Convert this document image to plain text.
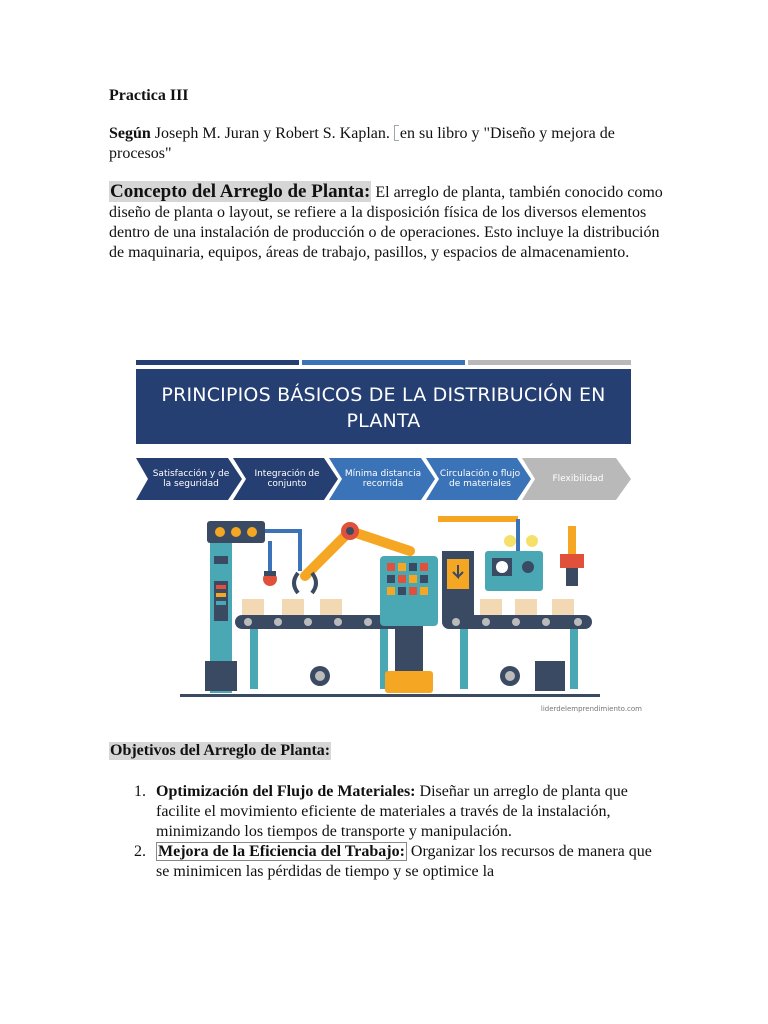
Practica III
Según Joseph M. Juran y Robert S. Kaplan. en su libro y "Diseño y mejora de procesos"
Concepto del Arreglo de Planta: El arreglo de planta, también conocido como diseño de planta o layout, se refiere a la disposición física de los diversos elementos dentro de una instalación de producción o de operaciones. Esto incluye la distribución de maquinaria, equipos, áreas de trabajo, pasillos, y espacios de almacenamiento.
PRINCIPIOS BÁSICOS DE LA DISTRIBUCIÓN EN
PLANTA
Satisfacción y de la seguridad
Integración de conjunto
Mínima distancia recorrida
Circulación o flujo de materiales	Flexibilidad
liderdelemprendimiento.com
Objetivos del Arreglo de Planta:
1. Optimización del Flujo de Materiales: Diseñar un arreglo de planta que facilite el movimiento eficiente de materiales a través de la instalación, minimizando los tiempos de transporte y manipulación.
2. Mejora de la Eficiencia del Trabajo: Organizar los recursos de manera que se minimicen las pérdidas de tiempo y se optimice la
